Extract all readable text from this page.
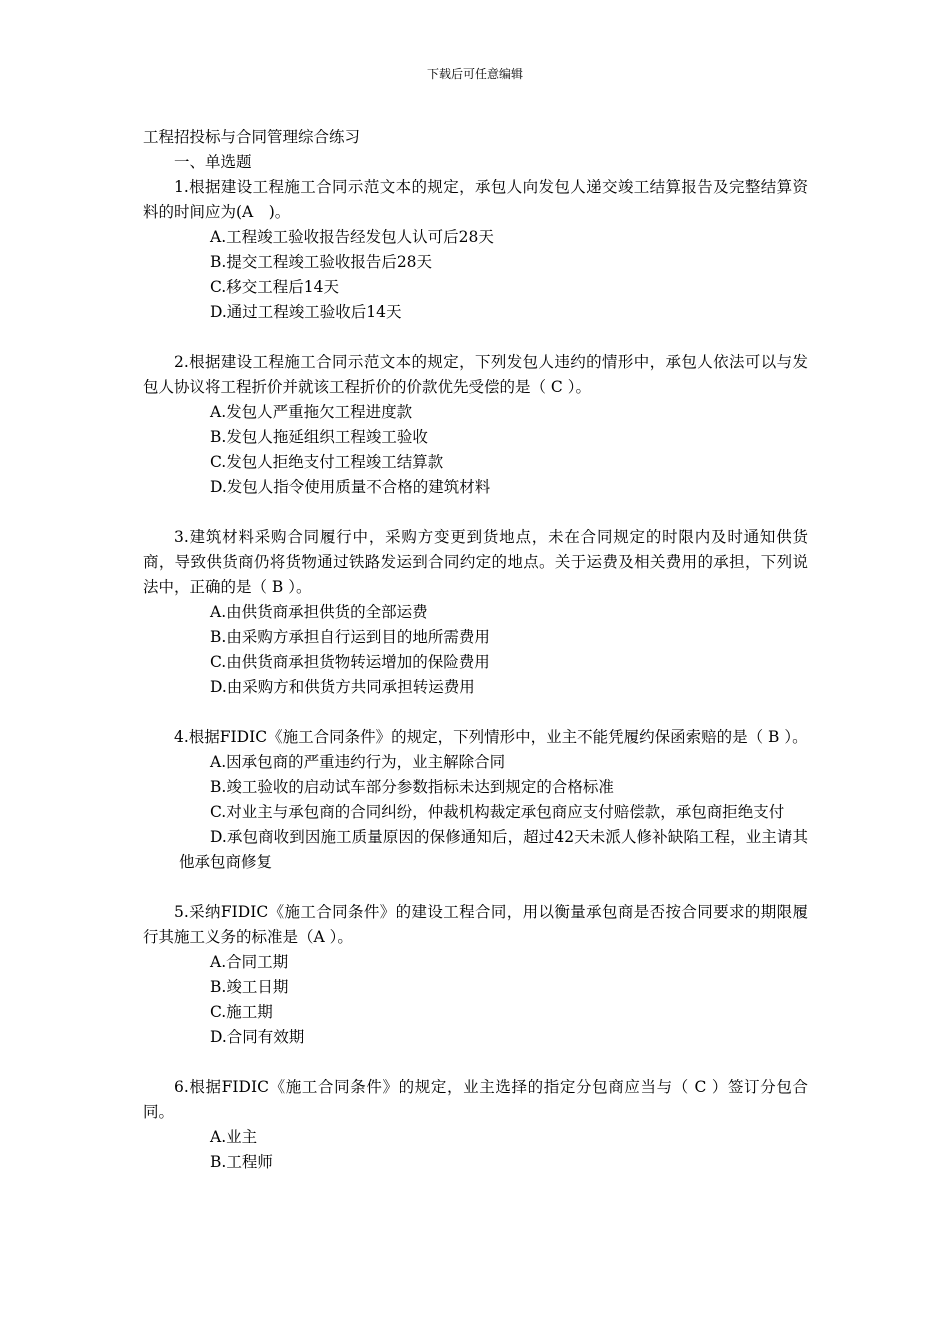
下载后可任意编辑

工程招投标与合同管理综合练习

一、单选题

1.根据建设工程施工合同示范文本的规定，承包人向发包人递交竣工结算报告及完整结算资料的时间应为(A　)。

A.工程竣工验收报告经发包人认可后28天

B.提交工程竣工验收报告后28天

C.移交工程后14天

D.通过工程竣工验收后14天

2.根据建设工程施工合同示范文本的规定，下列发包人违约的情形中，承包人依法可以与发包人协议将工程折价并就该工程折价的价款优先受偿的是（ C ）。

A.发包人严重拖欠工程进度款

B.发包人拖延组织工程竣工验收

C.发包人拒绝支付工程竣工结算款

D.发包人指令使用质量不合格的建筑材料

3.建筑材料采购合同履行中，采购方变更到货地点，未在合同规定的时限内及时通知供货商，导致供货商仍将货物通过铁路发运到合同约定的地点。关于运费及相关费用的承担，下列说法中，正确的是（ B ）。

A.由供货商承担供货的全部运费

B.由采购方承担自行运到目的地所需费用

C.由供货商承担货物转运增加的保险费用

D.由采购方和供货方共同承担转运费用

4.根据FIDIC《施工合同条件》的规定，下列情形中，业主不能凭履约保函索赔的是（ B ）。

A.因承包商的严重违约行为，业主解除合同

B.竣工验收的启动试车部分参数指标未达到规定的合格标准

C.对业主与承包商的合同纠纷，仲裁机构裁定承包商应支付赔偿款，承包商拒绝支付

D.承包商收到因施工质量原因的保修通知后，超过42天未派人修补缺陷工程，业主请其他承包商修复

5.采纳FIDIC《施工合同条件》的建设工程合同，用以衡量承包商是否按合同要求的期限履行其施工义务的标准是（A ）。

A.合同工期

B.竣工日期

C.施工期

D.合同有效期

6.根据FIDIC《施工合同条件》的规定，业主选择的指定分包商应当与（ C ）签订分包合同。

A.业主

B.工程师
